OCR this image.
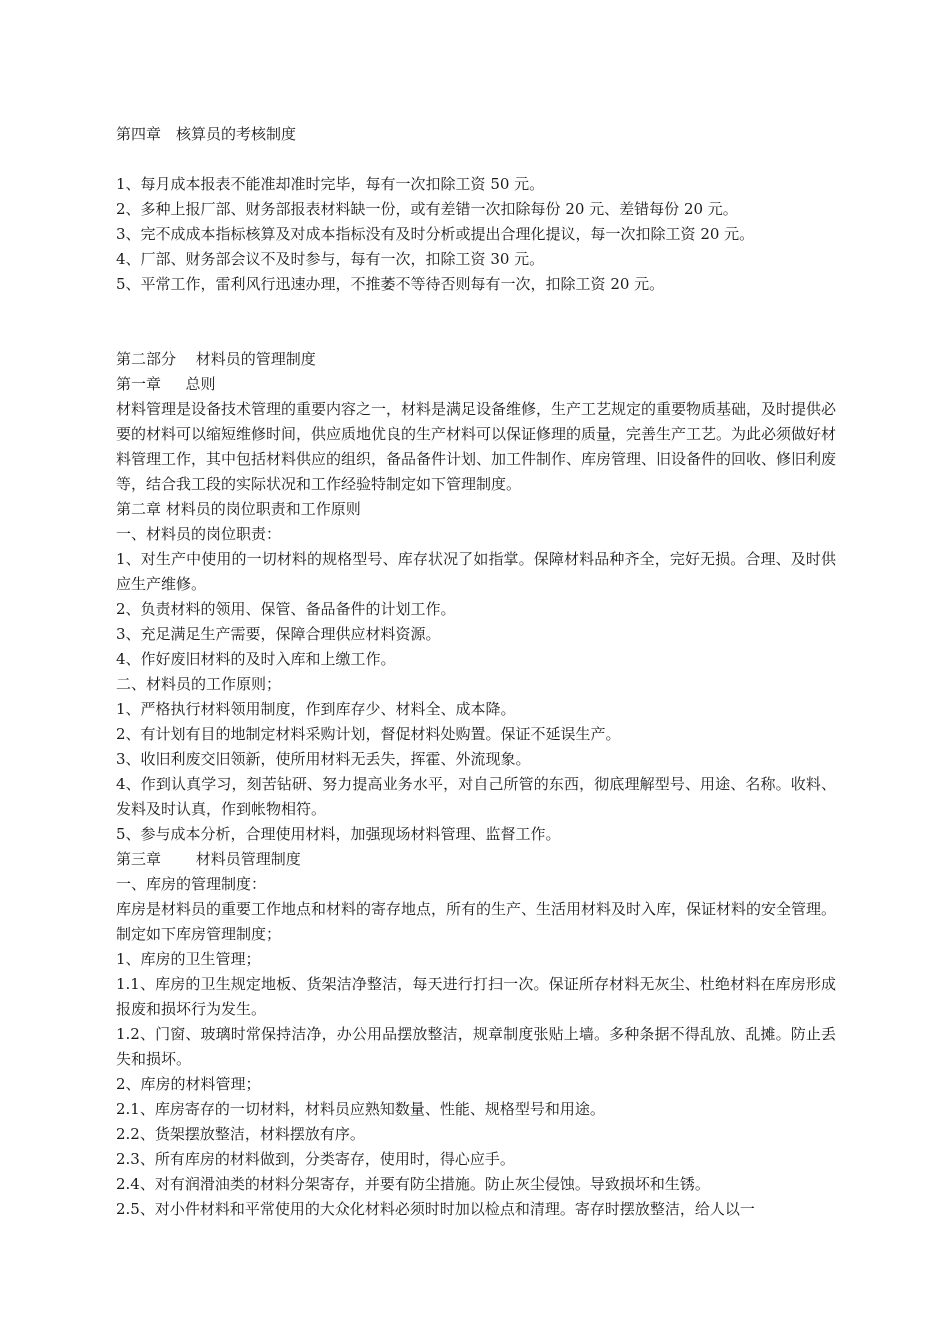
第四章　核算员的考核制度
1、每月成本报表不能准却准时完毕，每有一次扣除工资 50 元。
2、多种上报厂部、财务部报表材料缺一份，或有差错一次扣除每份 20 元、差错每份 20 元。
3、完不成成本指标核算及对成本指标没有及时分析或提出合理化提议，每一次扣除工资 20 元。
4、厂部、财务部会议不及时参与，每有一次，扣除工资 30 元。
5、平常工作，雷利风行迅速办理，不推萎不等待否则每有一次，扣除工资 20 元。
第二部分　 材料员的管理制度
第一章 　 总则
材料管理是设备技术管理的重要内容之一，材料是满足设备维修，生产工艺规定的重要物质基础，及时提供必要的材料可以缩短维修时间，供应质地优良的生产材料可以保证修理的质量，完善生产工艺。为此必须做好材料管理工作，其中包括材料供应的组织，备品备件计划、加工件制作、库房管理、旧设备件的回收、修旧利废等，结合我工段的实际状况和工作经验特制定如下管理制度。
第二章 材料员的岗位职责和工作原则
一、材料员的岗位职责：
1、对生产中使用的一切材料的规格型号、库存状况了如指掌。保障材料品种齐全，完好无损。合理、及时供应生产维修。
2、负责材料的领用、保管、备品备件的计划工作。
3、充足满足生产需要，保障合理供应材料资源。
4、作好废旧材料的及时入库和上缴工作。
二、材料员的工作原则；
1、严格执行材料领用制度，作到库存少、材料全、成本降。
2、有计划有目的地制定材料采购计划，督促材料处购置。保证不延误生产。
3、收旧利废交旧领新，使所用材料无丢失，挥霍、外流现象。
4、作到认真学习，刻苦钻研、努力提高业务水平，对自己所管的东西，彻底理解型号、用途、名称。收料、发料及时认真，作到帐物相符。
5、参与成本分析，合理使用材料，加强现场材料管理、监督工作。
第三章 　　材料员管理制度
一、库房的管理制度：
库房是材料员的重要工作地点和材料的寄存地点，所有的生产、生活用材料及时入库，保证材料的安全管理。制定如下库房管理制度；
1、库房的卫生管理；
1.1、库房的卫生规定地板、货架洁净整洁，每天进行打扫一次。保证所存材料无灰尘、杜绝材料在库房形成报废和损坏行为发生。
1.2、门窗、玻璃时常保持洁净，办公用品摆放整洁，规章制度张贴上墙。多种条据不得乱放、乱摊。防止丢失和损坏。
2、库房的材料管理；
2.1、库房寄存的一切材料，材料员应熟知数量、性能、规格型号和用途。
2.2、货架摆放整洁，材料摆放有序。
2.3、所有库房的材料做到，分类寄存，使用时，得心应手。
2.4、对有润滑油类的材料分架寄存，并要有防尘措施。防止灰尘侵蚀。导致损坏和生锈。
2.5、对小件材料和平常使用的大众化材料必须时时加以检点和清理。寄存时摆放整洁，给人以一
